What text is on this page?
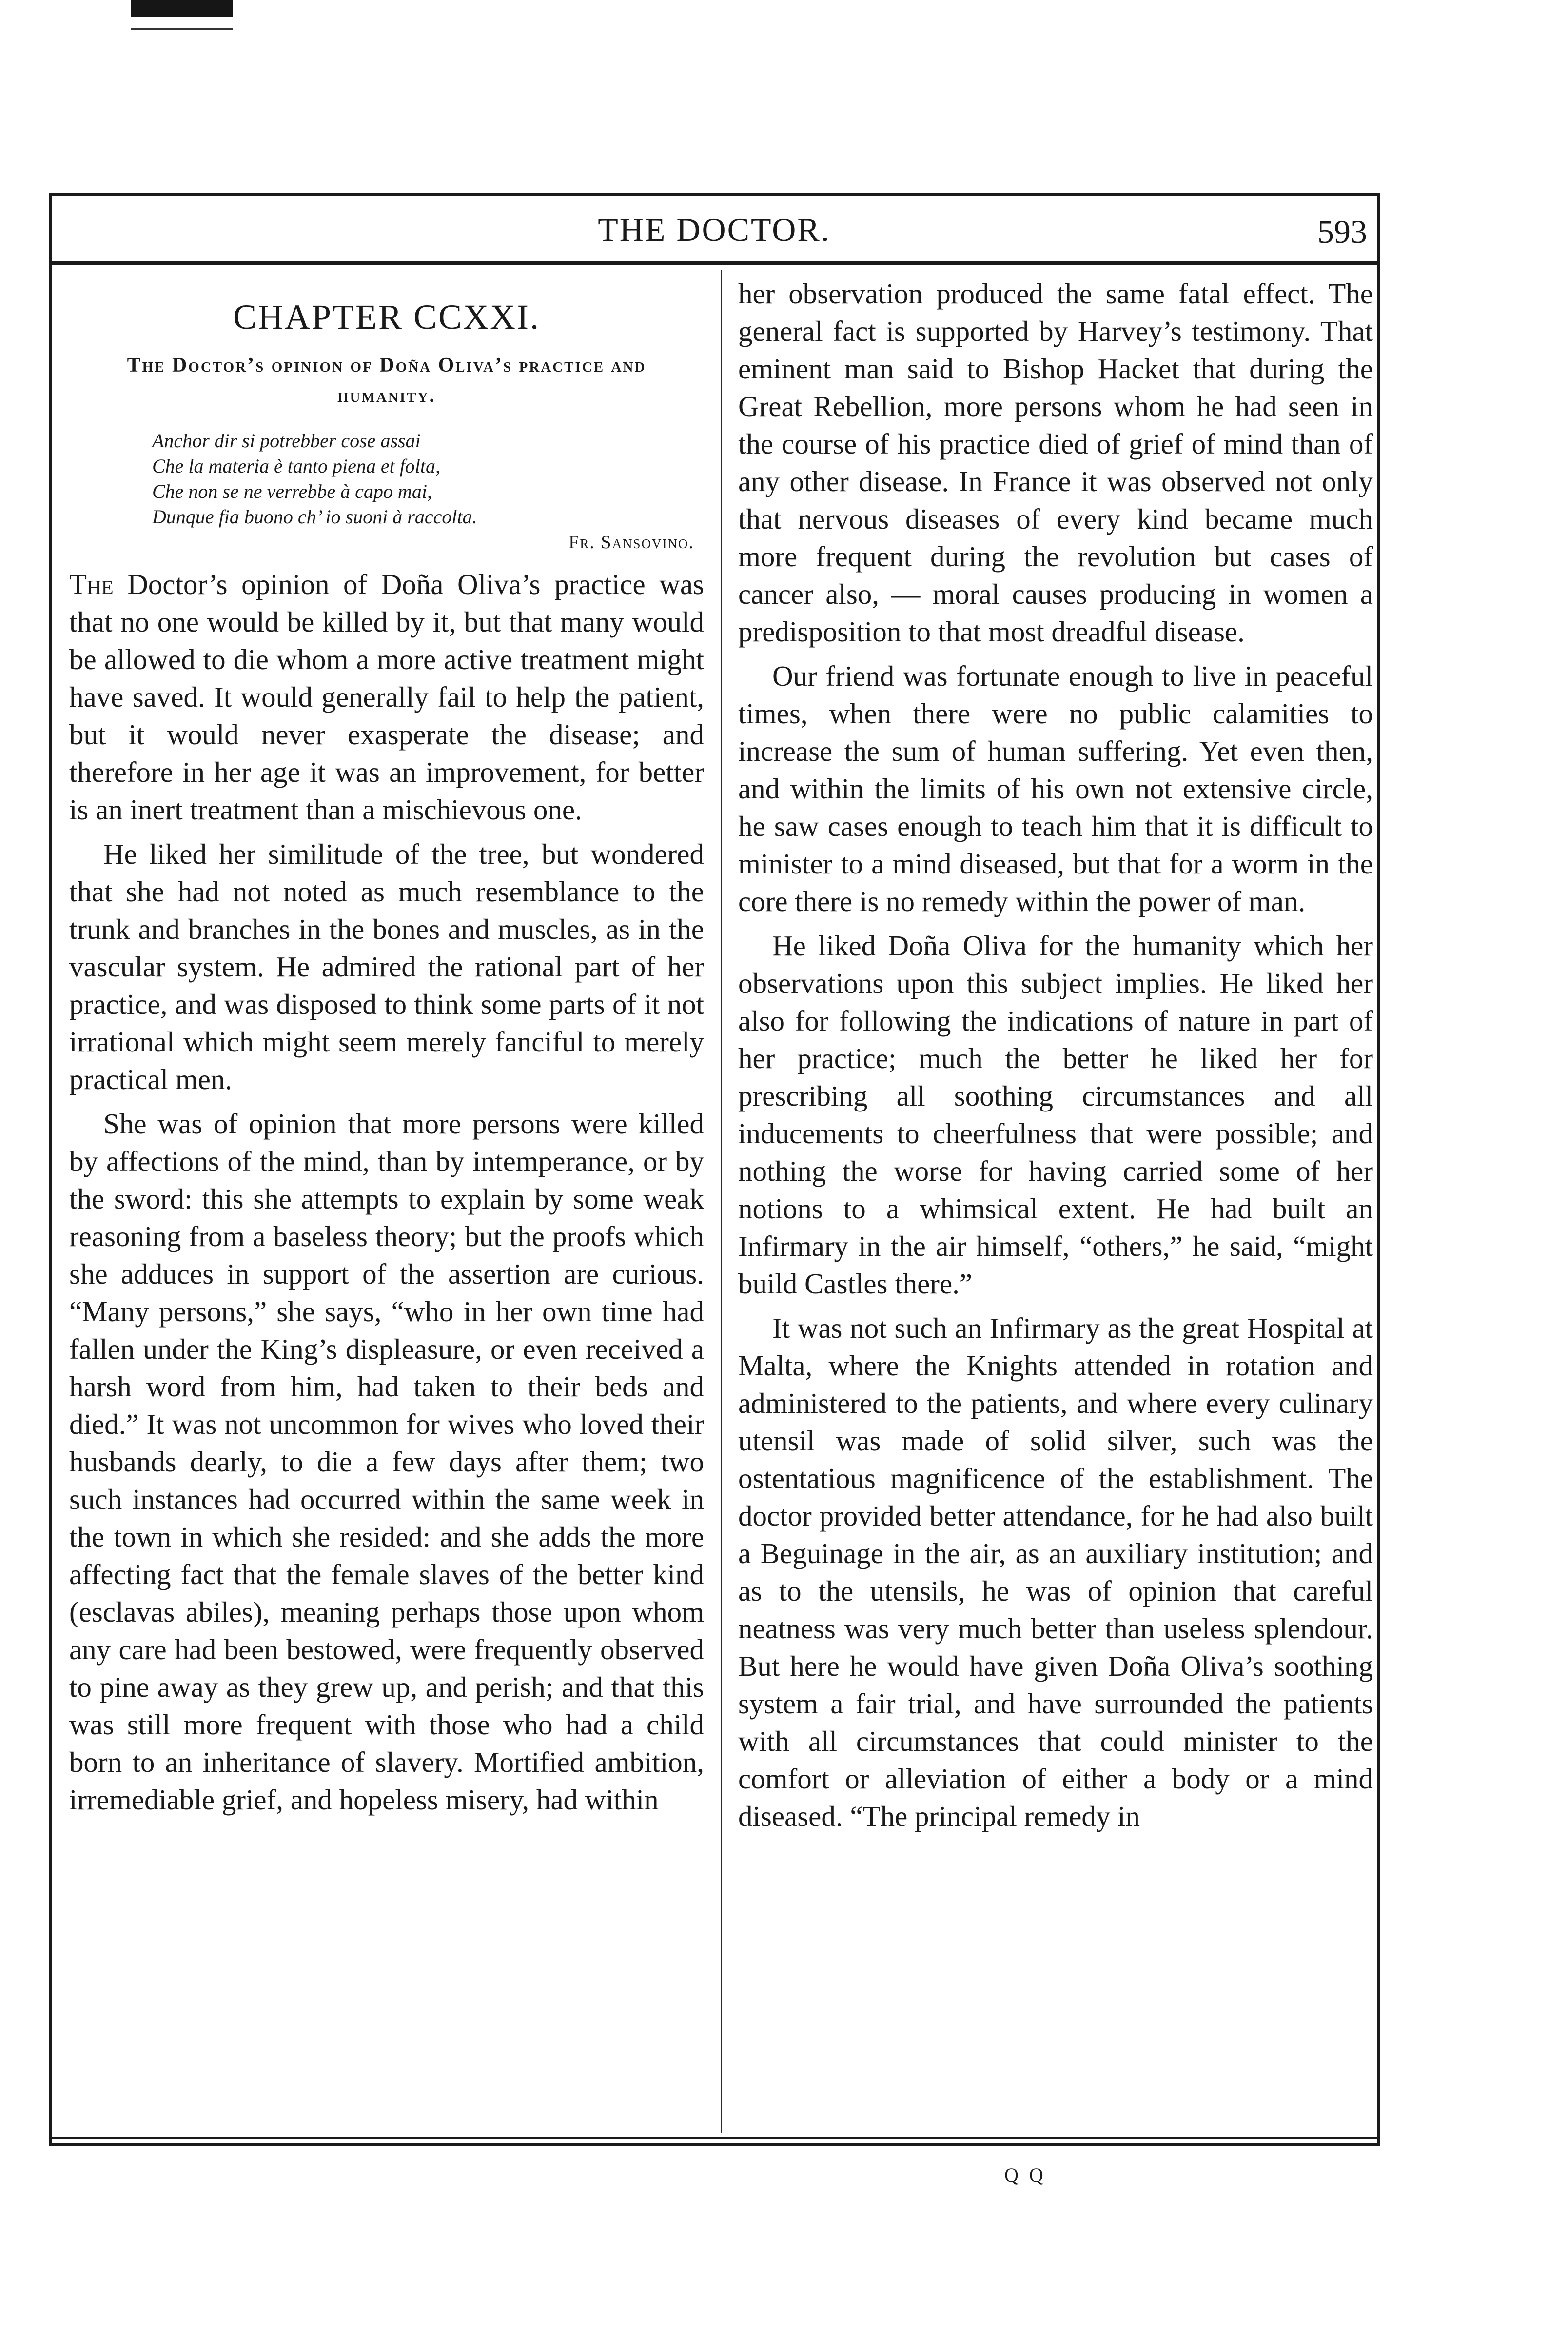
THE DOCTOR.	593
CHAPTER CCXXI.
The Doctor’s opinion of Doña Oliva’s practice and humanity.
Anchor dir si potrebber cose assai
Che la materia è tanto piena et folta,
Che non se ne verrebbe à capo mai,
Dunque fia buono ch’ io suoni à raccolta.
Fr. Sansovino.

The Doctor’s opinion of Doña Oliva’s practice was that no one would be killed by it, but that many would be allowed to die whom a more active treatment might have saved. It would generally fail to help the patient, but it would never exasperate the disease; and therefore in her age it was an improvement, for better is an inert treatment than a mischievous one.

He liked her similitude of the tree, but wondered that she had not noted as much resemblance to the trunk and branches in the bones and muscles, as in the vascular system. He admired the rational part of her practice, and was disposed to think some parts of it not irrational which might seem merely fanciful to merely practical men.

She was of opinion that more persons were killed by affections of the mind, than by intemperance, or by the sword: this she attempts to explain by some weak reasoning from a baseless theory; but the proofs which she adduces in support of the assertion are curious. “Many persons,” she says, “who in her own time had fallen under the King’s displeasure, or even received a harsh word from him, had taken to their beds and died.” It was not uncommon for wives who loved their husbands dearly, to die a few days after them; two such instances had occurred within the same week in the town in which she resided: and she adds the more affecting fact that the female slaves of the better kind (esclavas abiles), meaning perhaps those upon whom any care had been bestowed, were frequently observed to pine away as they grew up, and perish; and that this was still more frequent with those who had a child born to an inheritance of slavery. Mortified ambition, irremediable grief, and hopeless misery, had within

her observation produced the same fatal effect. The general fact is supported by Harvey’s testimony. That eminent man said to Bishop Hacket that during the Great Rebellion, more persons whom he had seen in the course of his practice died of grief of mind than of any other disease. In France it was observed not only that nervous diseases of every kind became much more frequent during the revolution but cases of cancer also, — moral causes producing in women a predisposition to that most dreadful disease.

Our friend was fortunate enough to live in peaceful times, when there were no public calamities to increase the sum of human suffering. Yet even then, and within the limits of his own not extensive circle, he saw cases enough to teach him that it is difficult to minister to a mind diseased, but that for a worm in the core there is no remedy within the power of man.

He liked Doña Oliva for the humanity which her observations upon this subject implies. He liked her also for following the indications of nature in part of her practice; much the better he liked her for prescribing all soothing circumstances and all inducements to cheerfulness that were possible; and nothing the worse for having carried some of her notions to a whimsical extent. He had built an Infirmary in the air himself, “others,” he said, “might build Castles there.”

It was not such an Infirmary as the great Hospital at Malta, where the Knights attended in rotation and administered to the patients, and where every culinary utensil was made of solid silver, such was the ostentatious magnificence of the establishment. The doctor provided better attendance, for he had also built a Beguinage in the air, as an auxiliary institution; and as to the utensils, he was of opinion that careful neatness was very much better than useless splendour. But here he would have given Doña Oliva’s soothing system a fair trial, and have surrounded the patients with all circumstances that could minister to the comfort or alleviation of either a body or a mind diseased. “The principal remedy in

Q Q
